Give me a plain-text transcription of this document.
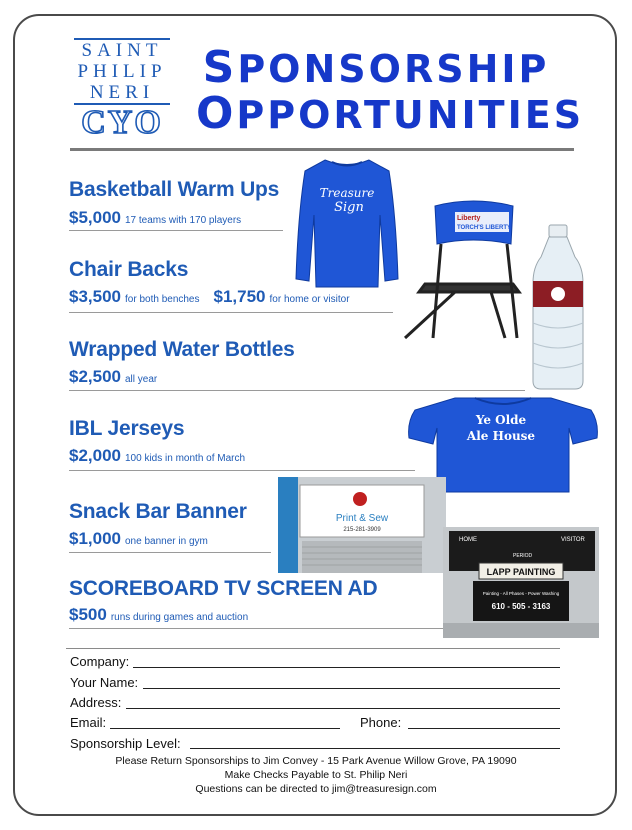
SAINT
PHILIP
NERI
CYO
SPONSORSHIP
OPPORTUNITIES
Basketball Warm Ups
$5,000 17 teams with 170 players
Chair Backs
$3,500 for both benches $1,750 for home or visitor
Wrapped Water Bottles
$2,500 all year
IBL Jerseys
$2,000 100 kids in month of March
Snack Bar Banner
$1,000 one banner in gym
SCOREBOARD TV SCREEN AD
$500 runs during games and auction
Treasure
Sign
Liberty
TORCH'S LIBERTY
Ye Olde
Ale House
Print & Sew
215-281-3909
HOME	VISITOR
PERIOD
LAPP PAINTING
Painting - All Phases - Power Washing
610 - 505 - 3163
Company:
Your Name:
Address:
Email:	Phone:
Sponsorship Level:
Please Return Sponsorships to Jim Convey - 15 Park Avenue Willow Grove, PA 19090
Make Checks Payable to St. Philip Neri
Questions can be directed to jim@treasuresign.com
